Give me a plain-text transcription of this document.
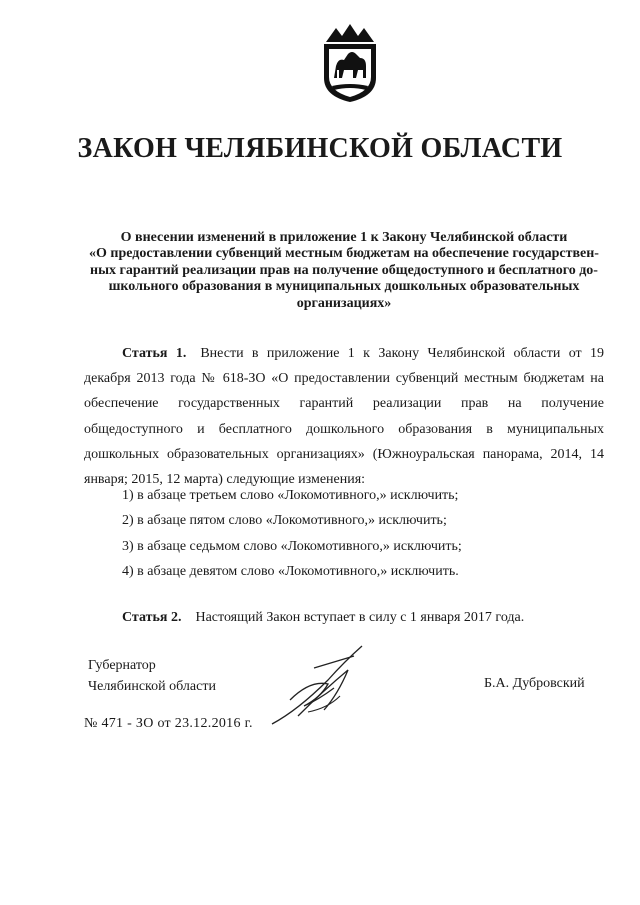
ЗАКОН ЧЕЛЯБИНСКОЙ ОБЛАСТИ
О внесении изменений в приложение 1 к Закону Челябинской области
«О предоставлении субвенций местным бюджетам на обеспечение государствен-
ных гарантий реализации прав на получение общедоступного и бесплатного до-
школьного образования в муниципальных дошкольных образовательных
организациях»
Статья 1. Внести в приложение 1 к Закону Челябинской области от 19 декабря 2013 года № 618-ЗО «О предоставлении субвенций местным бюджетам на обеспечение государственных гарантий реализации прав на получение общедоступного и бесплатного дошкольного образования в муниципальных дошкольных образовательных организациях» (Южноуральская панорама, 2014, 14 января; 2015, 12 марта) следующие изменения:
1) в абзаце третьем слово «Локомотивного,» исключить;
2) в абзаце пятом слово «Локомотивного,» исключить;
3) в абзаце седьмом слово «Локомотивного,» исключить;
4) в абзаце девятом слово «Локомотивного,» исключить.
Статья 2. Настоящий Закон вступает в силу с 1 января 2017 года.
Губернатор
Челябинской области	Б.А. Дубровский
№ 471 - ЗО от 23.12.2016 г.
